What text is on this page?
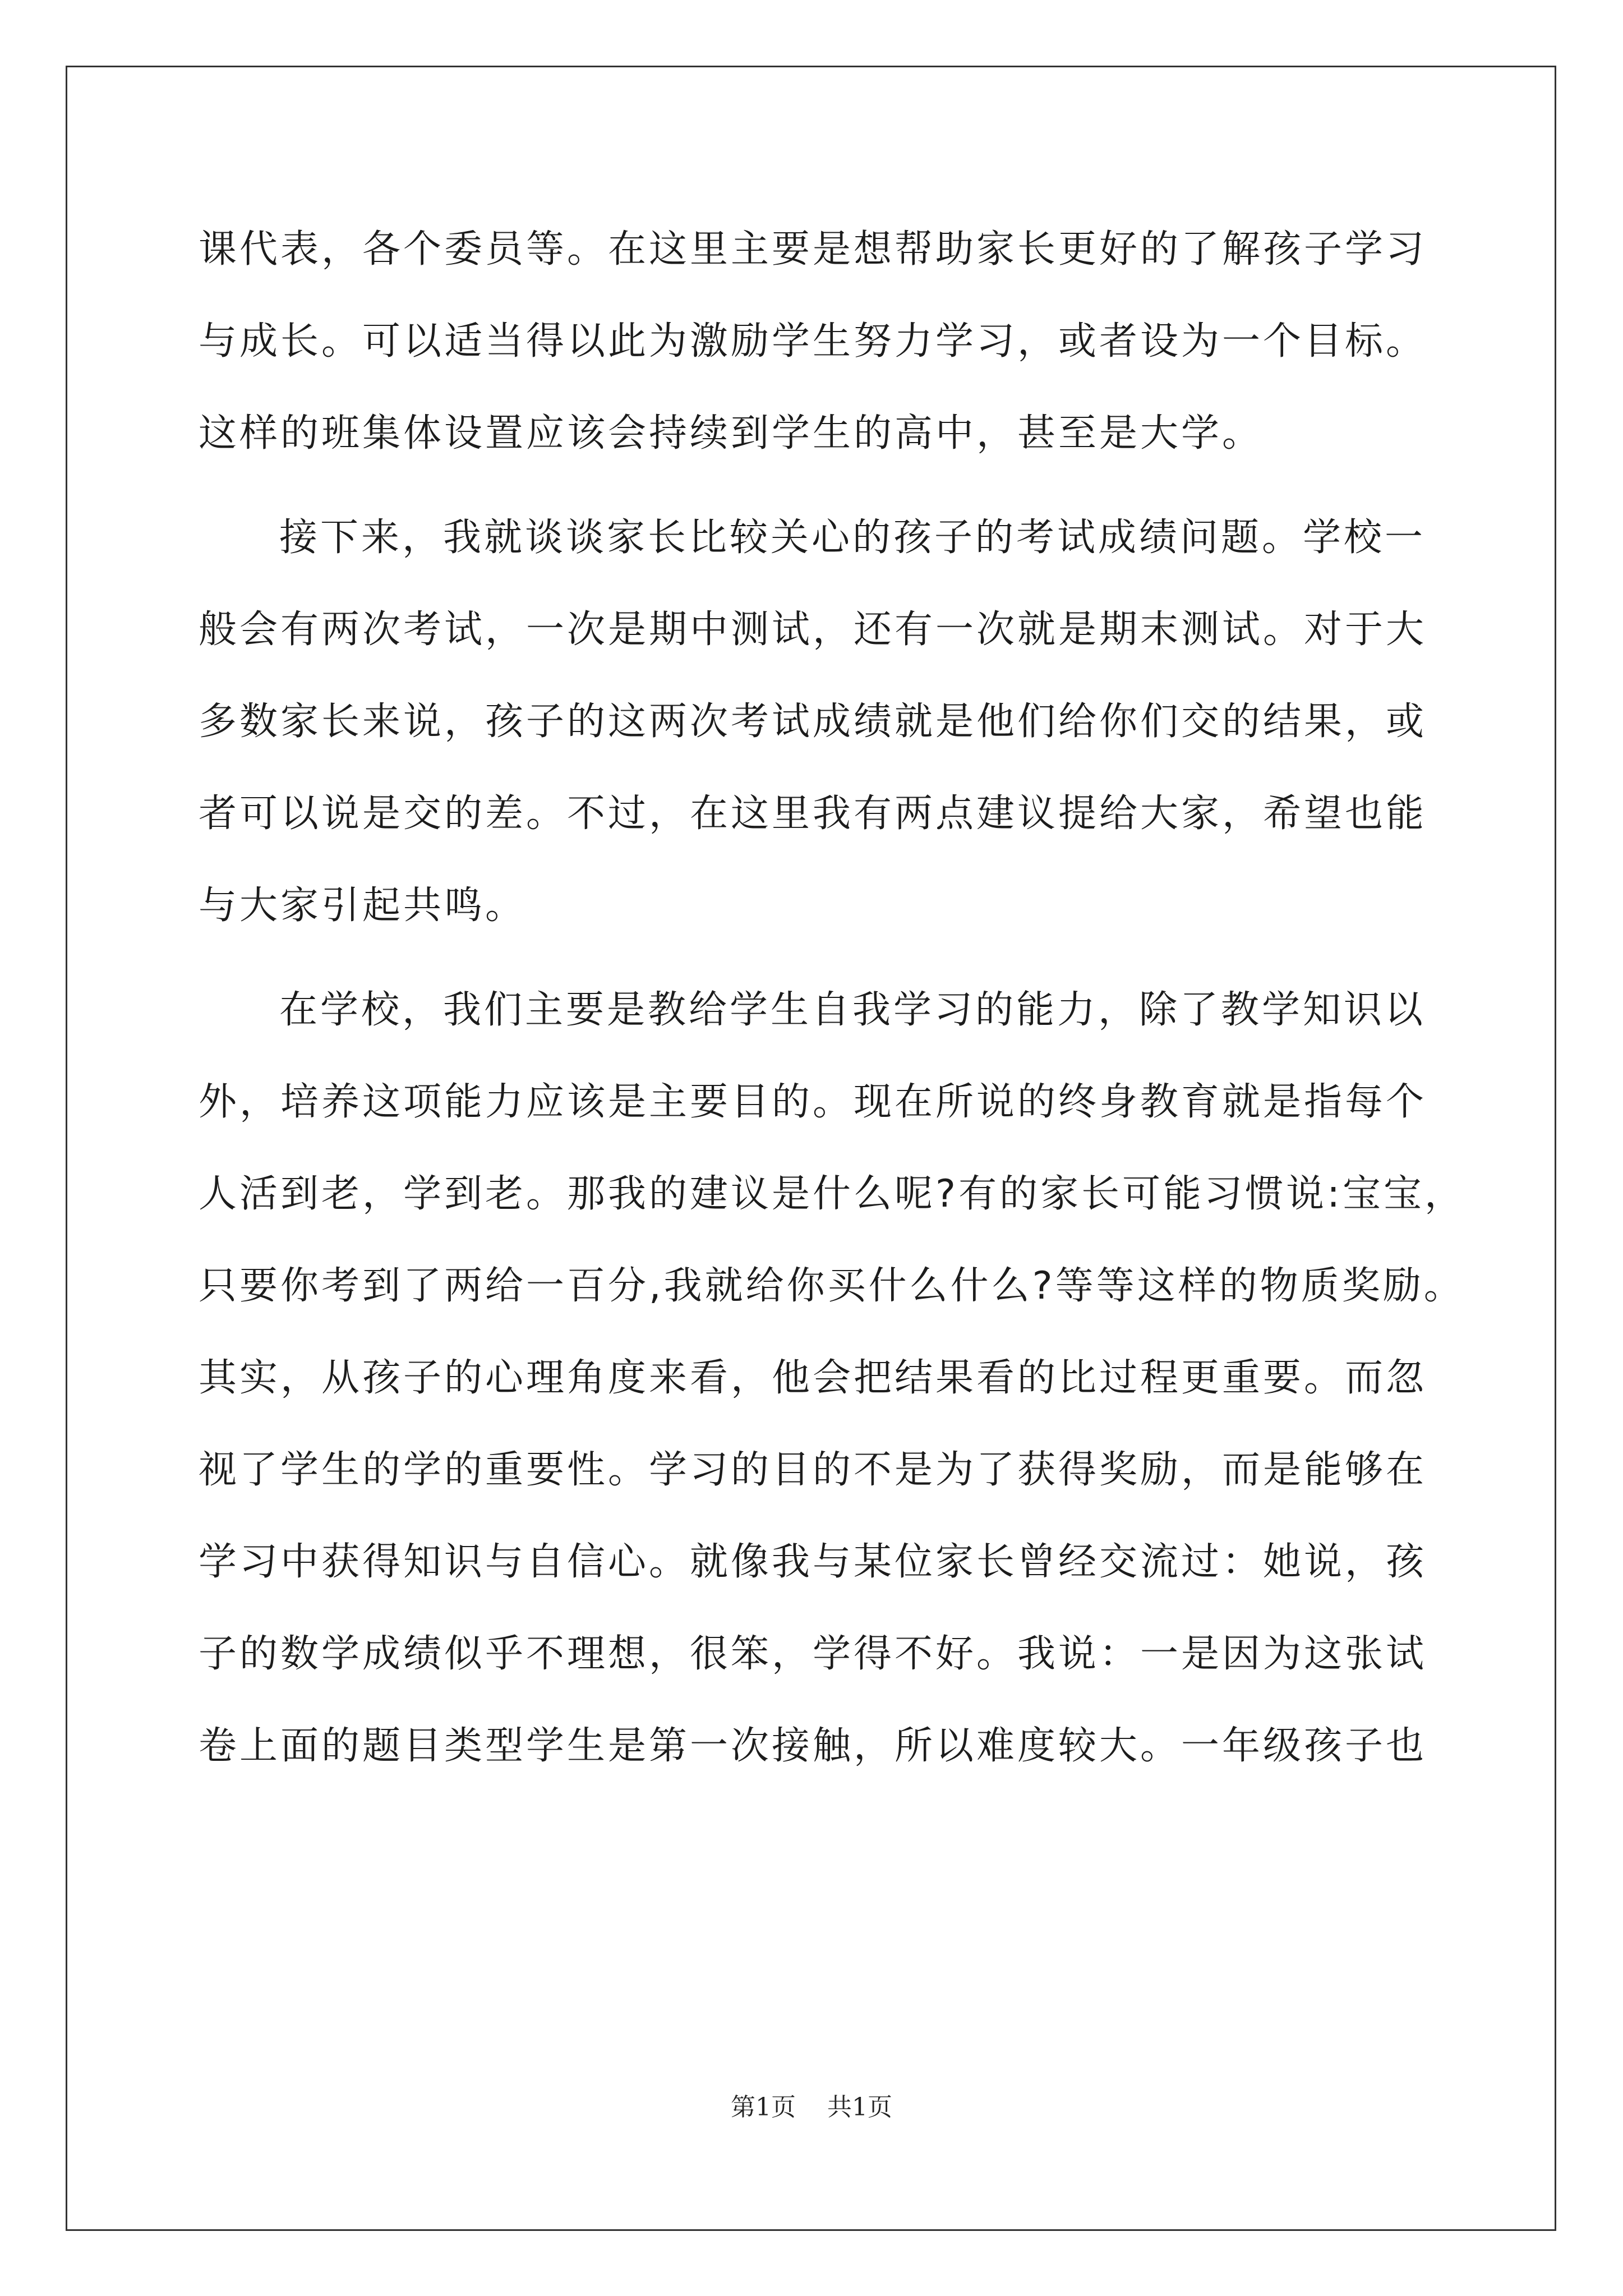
课代表，各个委员等。在这里主要是想帮助家长更好的了解孩子学习
与成长。可以适当得以此为激励学生努力学习，或者设为一个目标。
这样的班集体设置应该会持续到学生的高中，甚至是大学。
接下来，我就谈谈家长比较关心的孩子的考试成绩问题。学校一
般会有两次考试，一次是期中测试，还有一次就是期末测试。对于大
多数家长来说，孩子的这两次考试成绩就是他们给你们交的结果，或
者可以说是交的差。不过，在这里我有两点建议提给大家，希望也能
与大家引起共鸣。
在学校，我们主要是教给学生自我学习的能力，除了教学知识以
外，培养这项能力应该是主要目的。现在所说的终身教育就是指每个
人活到老，学到老。那我的建议是什么呢?有的家长可能习惯说:宝宝，
只要你考到了两给一百分,我就给你买什么什么?等等这样的物质奖励。
其实，从孩子的心理角度来看，他会把结果看的比过程更重要。而忽
视了学生的学的重要性。学习的目的不是为了获得奖励，而是能够在
学习中获得知识与自信心。就像我与某位家长曾经交流过：她说，孩
子的数学成绩似乎不理想，很笨，学得不好。我说：一是因为这张试
卷上面的题目类型学生是第一次接触，所以难度较大。一年级孩子也
第1页 共1页
